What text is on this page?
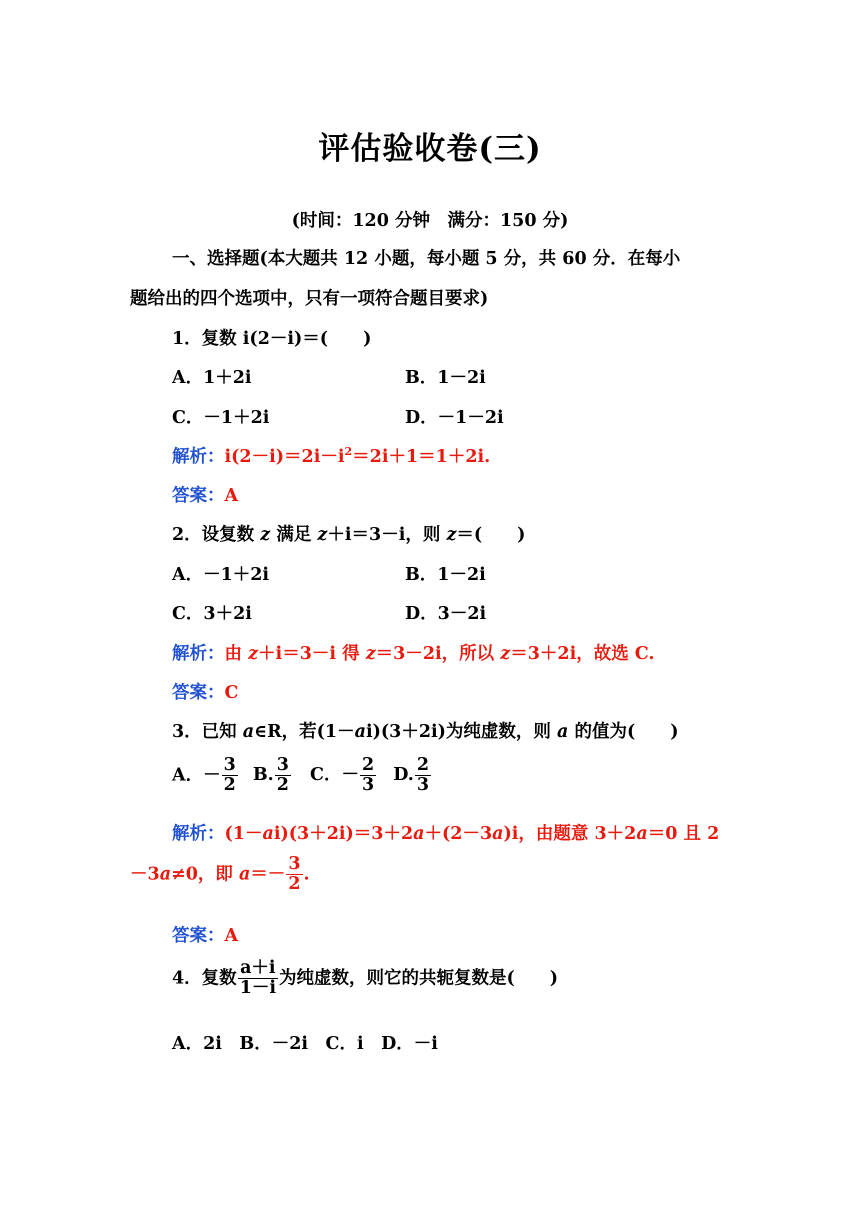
评估验收卷(三)
(时间：120 分钟　满分：150 分)
一、选择题(本大题共 12 小题，每小题 5 分，共 60 分．在每小
题给出的四个选项中，只有一项符合题目要求)
1．复数 i(2－i)＝(　　)
A．1＋2i	B．1－2i
C．－1＋2i	D．－1－2i
解析：$i(2-i)=2i-i^2=2i+1=1+2i$.
答案：A
2．设复数 z 满足 z＋i＝3－i，则 z＝(　　)
A．－1＋2i	B．1－2i
C．3＋2i	D．3－2i
解析：由 z＋i＝3－i 得 z＝3－2i，所以 z＝3＋2i，故选 C.
答案：C
3．已知 a∈R，若(1－ai)(3＋2i)为纯虚数，则 a 的值为(　　)
A．－ $\frac{3}{2} B$. $\frac{3}{2}$ C．－ $\frac{2}{3} D$. $\frac{2}{3}$
解析：(1－ai)(3＋2i)＝3＋2a＋(2－3a)i，由题意 3＋2a＝0 且 2
－3a≠0，即 $a=- \frac{3}{2}$ .
答案：A
4．复数 $\frac{a+i}{1-i}$ 为纯虚数，则它的共轭复数是(　　)
A．2i　B．－2i　C．i　D．－i
